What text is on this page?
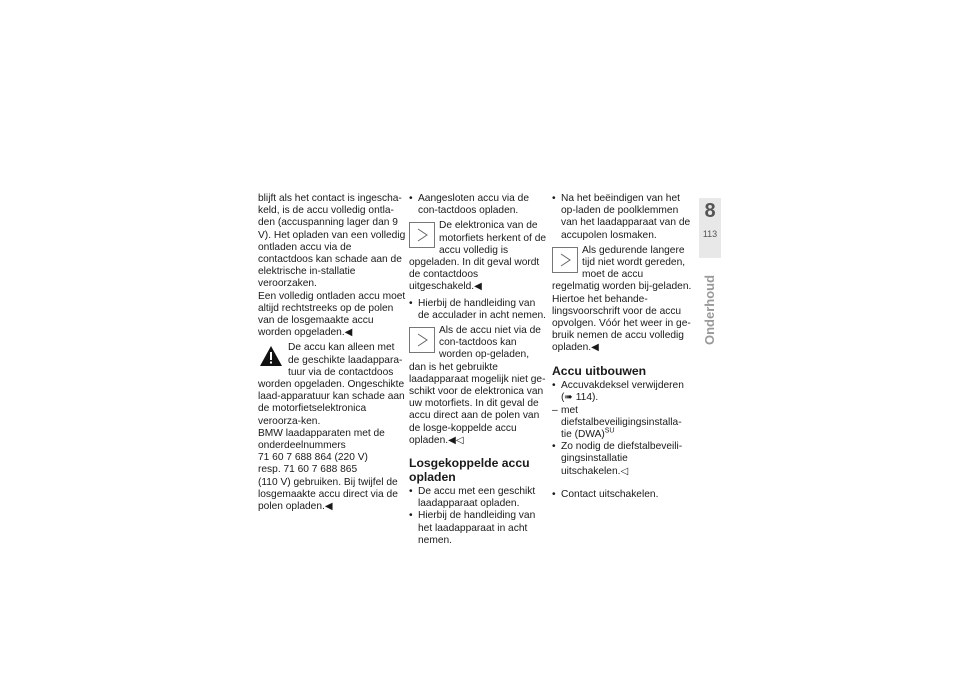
8
113
Onderhoud

blijft als het contact is ingescha-keld, is de accu volledig ontla-den (accuspanning lager dan 9 V). Het opladen van een volledig ontladen accu via de contactdoos kan schade aan de elektrische in-stallatie veroorzaken.

Een volledig ontladen accu moet altijd rechtstreeks op de polen van de losgemaakte accu worden opgeladen.◀

De accu kan alleen met de geschikte laadappara-tuur via de contactdoos worden opgeladen. Ongeschikte laad-apparatuur kan schade aan de motorfietselektronica veroorza-ken.

BMW laadapparaten met de onderdeelnummers

71 60 7 688 864 (220 V)

resp. 71 60 7 688 865

(110 V) gebruiken. Bij twijfel de losgemaakte accu direct via de polen opladen.◀

• Aangesloten accu via de con-tactdoos opladen.

De elektronica van de motorfiets herkent of de accu volledig is opgeladen. In dit geval wordt de contactdoos uitgeschakeld.◀

• Hierbij de handleiding van de acculader in acht nemen.

Als de accu niet via de con-tactdoos kan worden op-geladen, dan is het gebruikte laadapparaat mogelijk niet ge-schikt voor de elektronica van uw motorfiets. In dit geval de accu direct aan de polen van de losge-koppelde accu opladen.◀◁

Losgekoppelde accu opladen

• De accu met een geschikt laadapparaat opladen.

• Hierbij de handleiding van het laadapparaat in acht nemen.

• Na het beëindigen van het op-laden de poolklemmen van het laadapparaat van de accupolen losmaken.

Als gedurende langere tijd niet wordt gereden, moet de accu regelmatig worden bij-geladen. Hiertoe het behande-lingsvoorschrift voor de accu opvolgen. Vóór het weer in ge-bruik nemen de accu volledig opladen.◀

Accu uitbouwen

• Accuvakdeksel verwijderen
(➠ 114).

– met diefstalbeveiligingsinstalla-tie (DWA)$^{SU}$

• Zo nodig de diefstalbeveili-gingsinstallatie uitschakelen.◁

• Contact uitschakelen.
